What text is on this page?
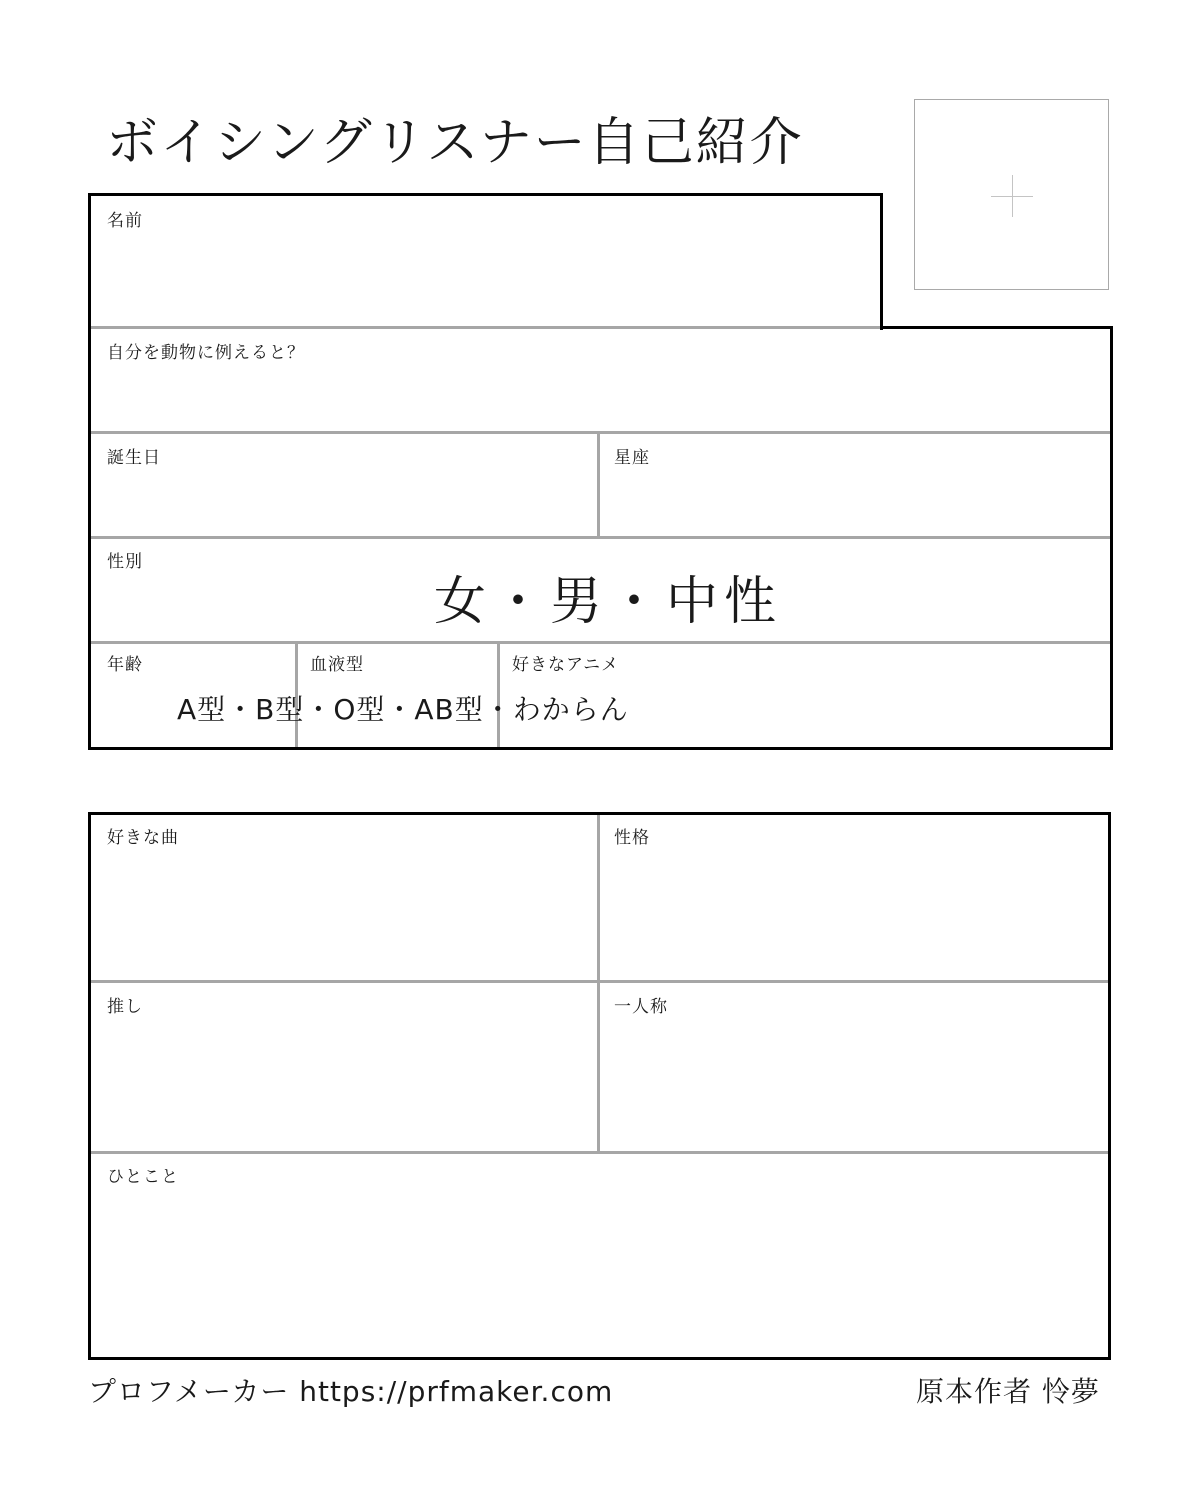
ボイシングリスナー自己紹介
名前
自分を動物に例えると？
誕生日	星座
性別
女・男・中性
年齢	血液型	好きなアニメ
A型・B型・O型・AB型・わからん
好きな曲	性格
推し	一人称
ひとこと
プロフメーカー https://prfmaker.com	原本作者 怜夢
